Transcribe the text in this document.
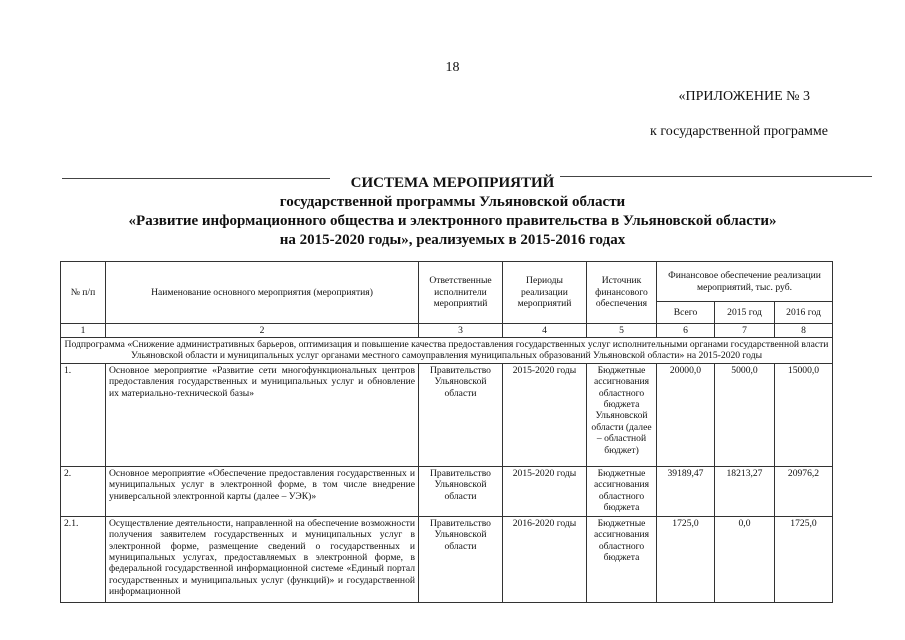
18
«ПРИЛОЖЕНИЕ № 3
к государственной программе
СИСТЕМА МЕРОПРИЯТИЙ
государственной программы Ульяновской области
«Развитие информационного общества и электронного правительства в Ульяновской области»
на 2015-2020 годы», реализуемых в 2015-2016 годах
№ п/п	Наименование основного мероприятия (мероприятия)	Ответственные исполнители мероприятий	Периоды реализации мероприятий	Источник финансового обеспечения	Финансовое обеспечение реализации мероприятий, тыс. руб.		
					Всего	2015 год	2016 год
1	2	3	4	5	6	7	8
Подпрограмма «Снижение административных барьеров, оптимизация и повышение качества предоставления государственных услуг исполнительными органами государственной власти Ульяновской области и муниципальных услуг органами местного самоуправления муниципальных образований Ульяновской области» на 2015-2020 годы							
1.	Основное мероприятие «Развитие сети многофункциональных центров предоставления государственных и муниципальных услуг и обновление их материально-технической базы»	Правительство Ульяновской области	2015-2020 годы	Бюджетные ассигнования областного бюджета Ульяновской области (далее – областной бюджет)	20000,0	5000,0	15000,0
2.	Основное мероприятие «Обеспечение предоставления государственных и муниципальных услуг в электронной форме, в том числе внедрение универсальной электронной карты (далее – УЭК)»	Правительство Ульяновской области	2015-2020 годы	Бюджетные ассигнования областного бюджета	39189,47	18213,27	20976,2
2.1.	Осуществление деятельности, направленной на обеспечение возможности получения заявителем государственных и муниципальных услуг в электронной форме, размещение сведений о государственных и муниципальных услугах, предоставляемых в электронной форме, в федеральной государственной информационной системе «Единый портал государственных и муниципальных услуг (функций)» и государственной информационной	Правительство Ульяновской области	2016-2020 годы	Бюджетные ассигнования областного бюджета	1725,0	0,0	1725,0
